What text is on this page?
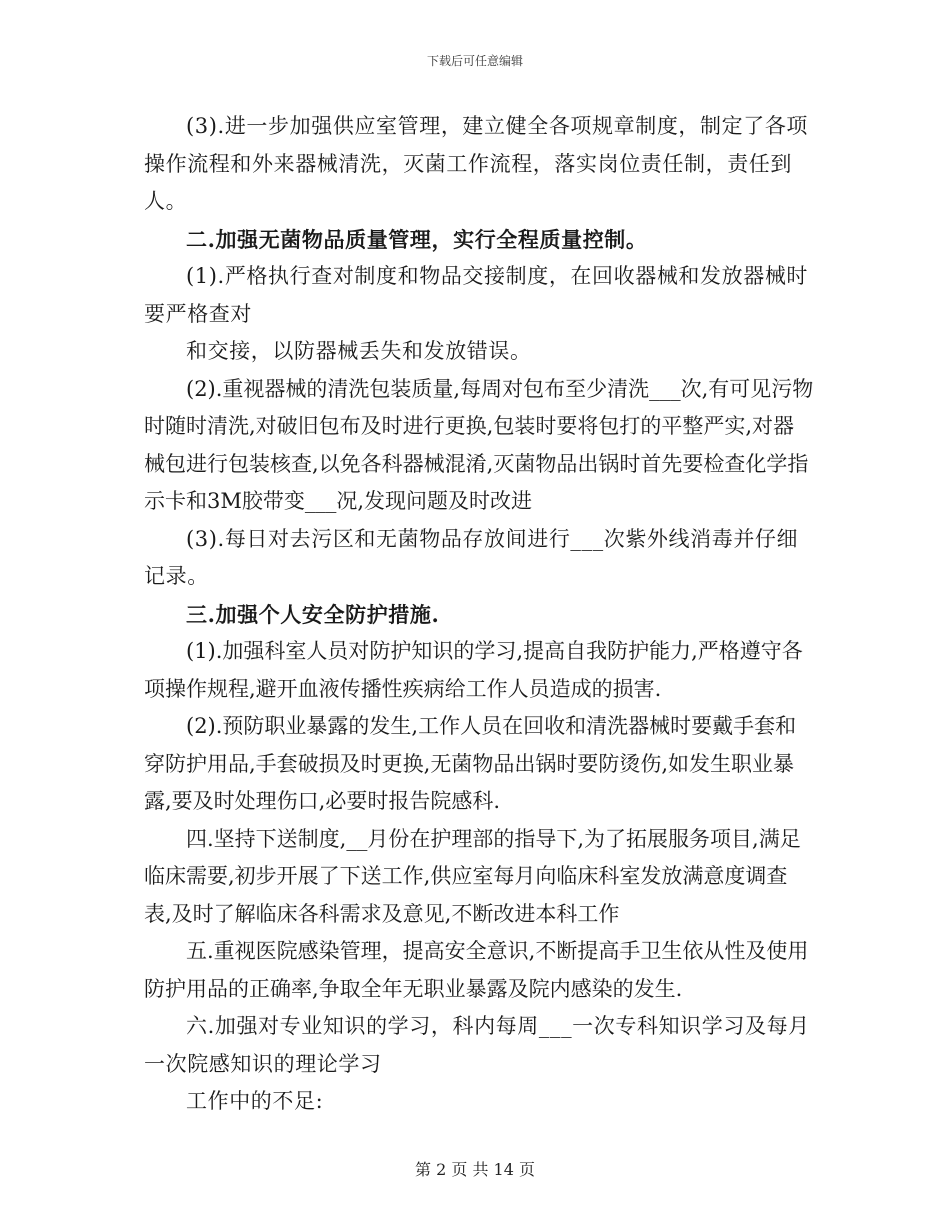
下载后可任意编辑

(3).进一步加强供应室管理，建立健全各项规章制度，制定了各项操作流程和外来器械清洗，灭菌工作流程，落实岗位责任制，责任到人。

二.加强无菌物品质量管理，实行全程质量控制。

(1).严格执行查对制度和物品交接制度，在回收器械和发放器械时要严格查对

和交接，以防器械丢失和发放错误。

(2).重视器械的清洗包装质量,每周对包布至少清洗___次,有可见污物时随时清洗,对破旧包布及时进行更换,包装时要将包打的平整严实,对器械包进行包装核查,以免各科器械混淆,灭菌物品出锅时首先要检查化学指示卡和3M胶带变___况,发现问题及时改进

(3).每日对去污区和无菌物品存放间进行___次紫外线消毒并仔细记录。

三.加强个人安全防护措施.

(1).加强科室人员对防护知识的学习,提高自我防护能力,严格遵守各项操作规程,避开血液传播性疾病给工作人员造成的损害.

(2).预防职业暴露的发生,工作人员在回收和清洗器械时要戴手套和穿防护用品,手套破损及时更换,无菌物品出锅时要防烫伤,如发生职业暴露,要及时处理伤口,必要时报告院感科.

四.坚持下送制度,__月份在护理部的指导下,为了拓展服务项目,满足临床需要,初步开展了下送工作,供应室每月向临床科室发放满意度调查表,及时了解临床各科需求及意见,不断改进本科工作

五.重视医院感染管理，提高安全意识,不断提高手卫生依从性及使用防护用品的正确率,争取全年无职业暴露及院内感染的发生.

六.加强对专业知识的学习，科内每周___一次专科知识学习及每月一次院感知识的理论学习

工作中的不足:

第 2 页 共 14 页
